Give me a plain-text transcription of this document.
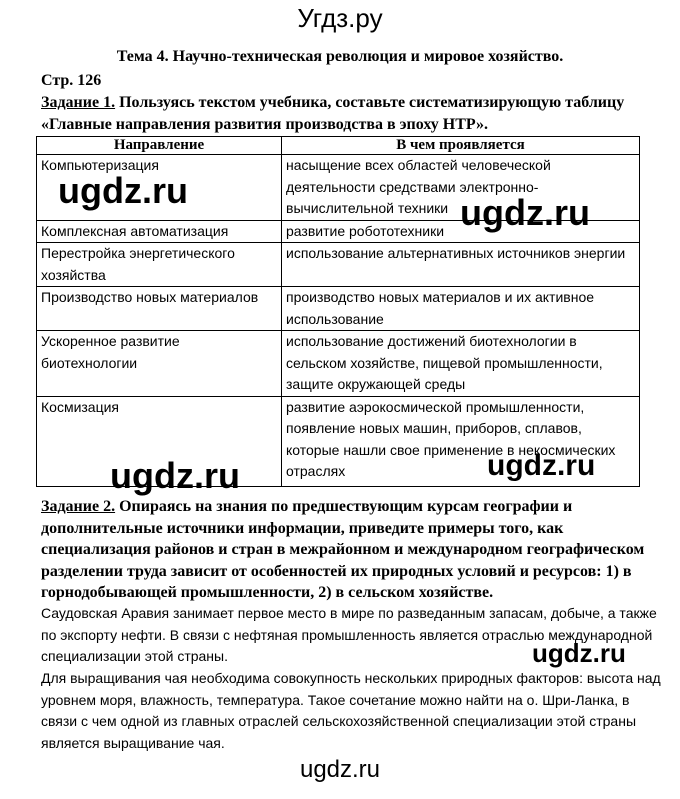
Угдз.ру
Тема 4. Научно-техническая революция и мировое хозяйство.
Стр. 126
Задание 1. Пользуясь текстом учебника, составьте систематизирующую таблицу «Главные направления развития производства в эпоху НТР».
Направление	В чем проявляется
Компьютеризация	насыщение всех областей человеческой деятельности средствами электронно-вычислительной техники
Комплексная автоматизация	развитие робототехники
Перестройка энергетического хозяйства	использование альтернативных источников энергии
Производство новых материалов	производство новых материалов и их активное использование
Ускоренное развитие биотехнологии	использование достижений биотехнологии в сельском хозяйстве, пищевой промышленности, защите окружающей среды
Космизация	развитие аэрокосмической промышленности, появление новых машин, приборов, сплавов, которые нашли свое применение в некосмических отраслях
Задание 2. Опираясь на знания по предшествующим курсам географии и дополнительные источники информации, приведите примеры того, как специализация районов и стран в межрайонном и международном географическом разделении труда зависит от особенностей их природных условий и ресурсов: 1) в горнодобывающей промышленности, 2) в сельском хозяйстве.
Саудовская Аравия занимает первое место в мире по разведанным запасам, добыче, а также по экспорту нефти. В связи с нефтяная промышленность является отраслью международной специализации этой страны.
Для выращивания чая необходима совокупность нескольких природных факторов: высота над уровнем моря, влажность, температура. Такое сочетание можно найти на о. Шри-Ланка, в связи с чем одной из главных отраслей сельскохозяйственной специализации этой страны является выращивание чая.
ugdz.ru
ugdz.ru
ugdz.ru	ugdz.ru
ugdz.ru
ugdz.ru
